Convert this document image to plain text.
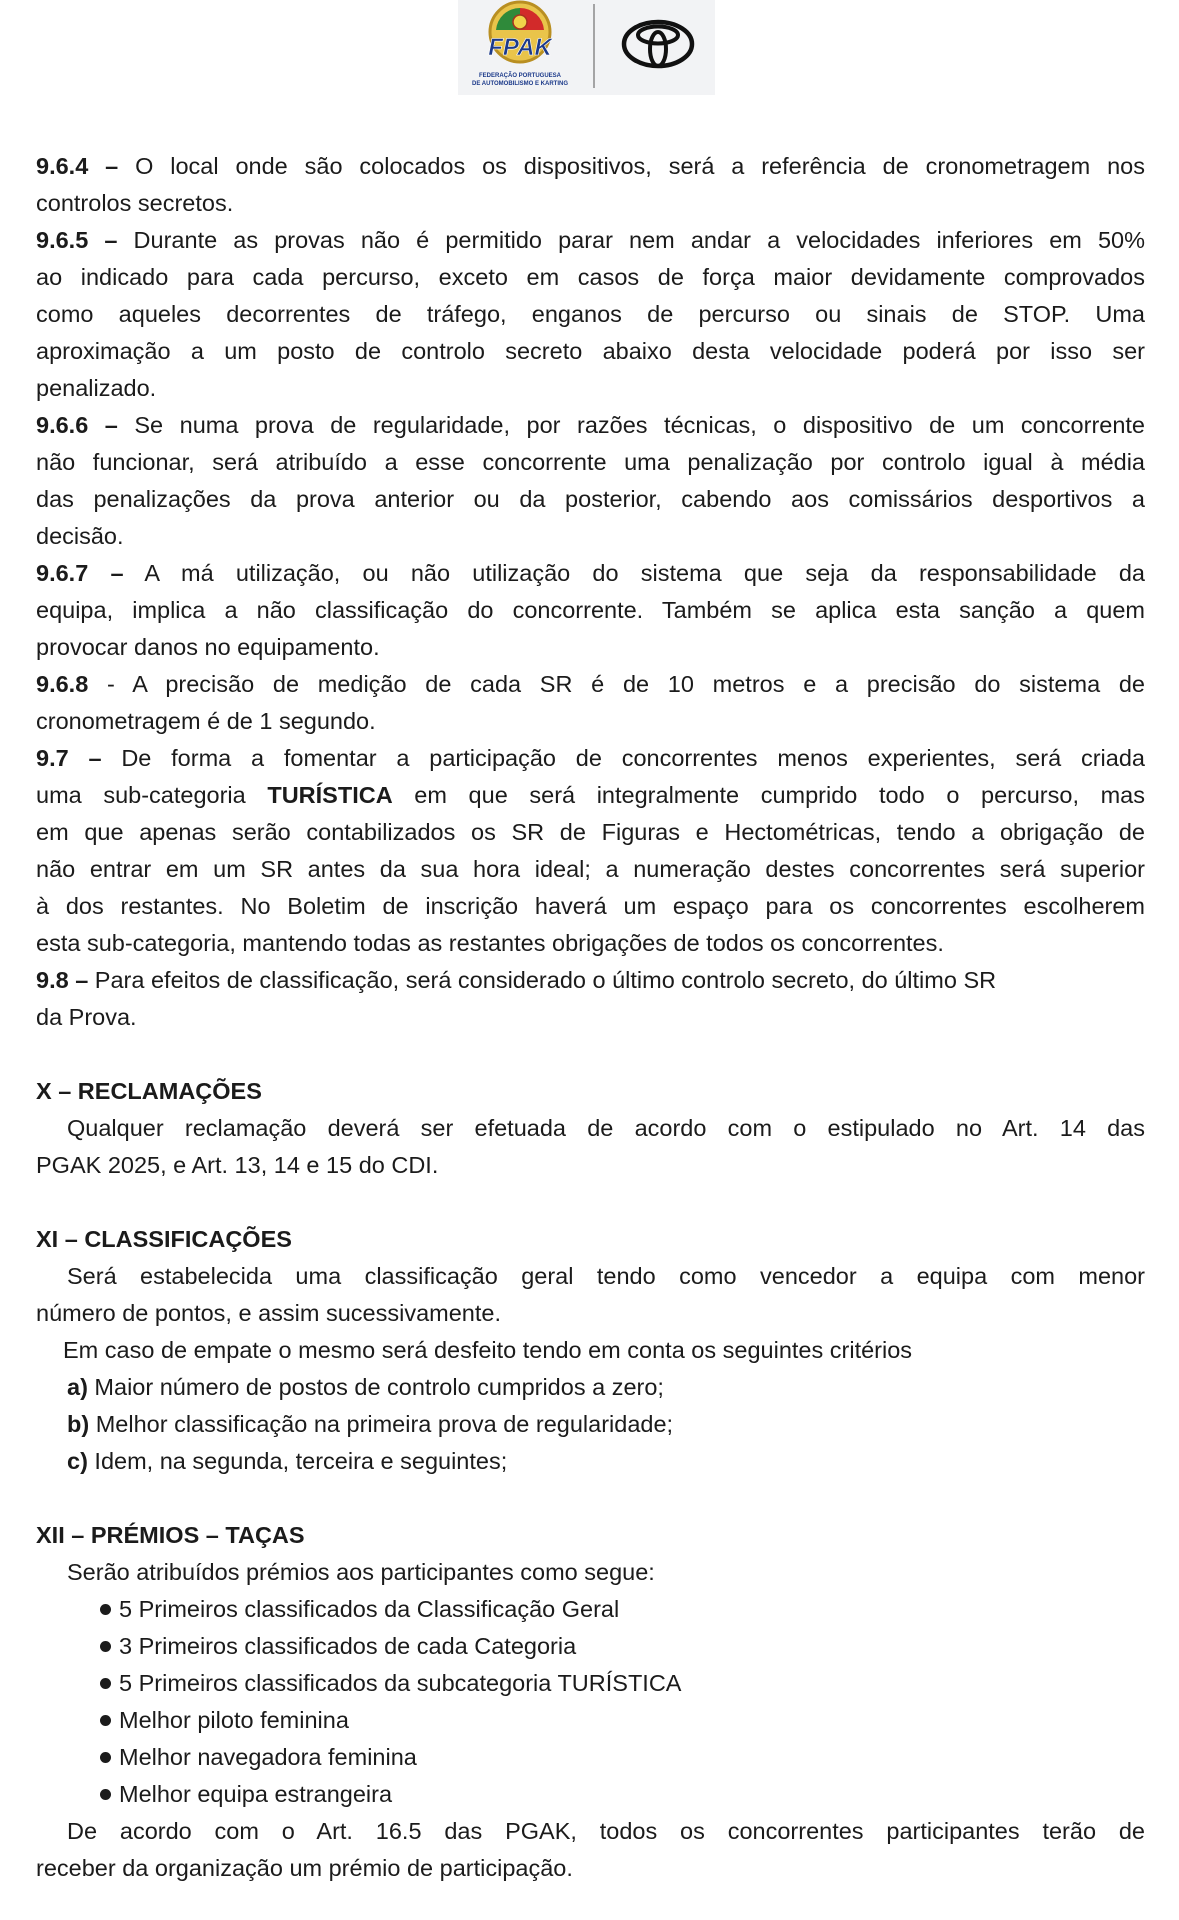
FPAK
FEDERAÇÃO PORTUGUESA
DE AUTOMOBILISMO E KARTING
9.6.4 – O local onde são colocados os dispositivos, será a referência de cronometragem nos
controlos secretos.
9.6.5 – Durante as provas não é permitido parar nem andar a velocidades inferiores em 50%
ao indicado para cada percurso, exceto em casos de força maior devidamente comprovados
como aqueles decorrentes de tráfego, enganos de percurso ou sinais de STOP. Uma
aproximação a um posto de controlo secreto abaixo desta velocidade poderá por isso ser
penalizado.
9.6.6 – Se numa prova de regularidade, por razões técnicas, o dispositivo de um concorrente
não funcionar, será atribuído a esse concorrente uma penalização por controlo igual à média
das penalizações da prova anterior ou da posterior, cabendo aos comissários desportivos a
decisão.
9.6.7 – A má utilização, ou não utilização do sistema que seja da responsabilidade da
equipa, implica a não classificação do concorrente. Também se aplica esta sanção a quem
provocar danos no equipamento.
9.6.8 - A precisão de medição de cada SR é de 10 metros e a precisão do sistema de
cronometragem é de 1 segundo.
9.7 – De forma a fomentar a participação de concorrentes menos experientes, será criada
uma sub-categoria TURÍSTICA em que será integralmente cumprido todo o percurso, mas
em que apenas serão contabilizados os SR de Figuras e Hectométricas, tendo a obrigação de
não entrar em um SR antes da sua hora ideal; a numeração destes concorrentes será superior
à dos restantes. No Boletim de inscrição haverá um espaço para os concorrentes escolherem
esta sub-categoria, mantendo todas as restantes obrigações de todos os concorrentes.
9.8 – Para efeitos de classificação, será considerado o último controlo secreto, do último SR
da Prova.
X – RECLAMAÇÕES
Qualquer reclamação deverá ser efetuada de acordo com o estipulado no Art. 14 das
PGAK 2025, e Art. 13, 14 e 15 do CDI.
XI – CLASSIFICAÇÕES
Será estabelecida uma classificação geral tendo como vencedor a equipa com menor
número de pontos, e assim sucessivamente.
Em caso de empate o mesmo será desfeito tendo em conta os seguintes critérios
a) Maior número de postos de controlo cumpridos a zero;
b) Melhor classificação na primeira prova de regularidade;
c) Idem, na segunda, terceira e seguintes;
XII – PRÉMIOS – TAÇAS
Serão atribuídos prémios aos participantes como segue:
5 Primeiros classificados da Classificação Geral
3 Primeiros classificados de cada Categoria
5 Primeiros classificados da subcategoria TURÍSTICA
Melhor piloto feminina
Melhor navegadora feminina
Melhor equipa estrangeira
De acordo com o Art. 16.5 das PGAK, todos os concorrentes participantes terão de
receber da organização um prémio de participação.
